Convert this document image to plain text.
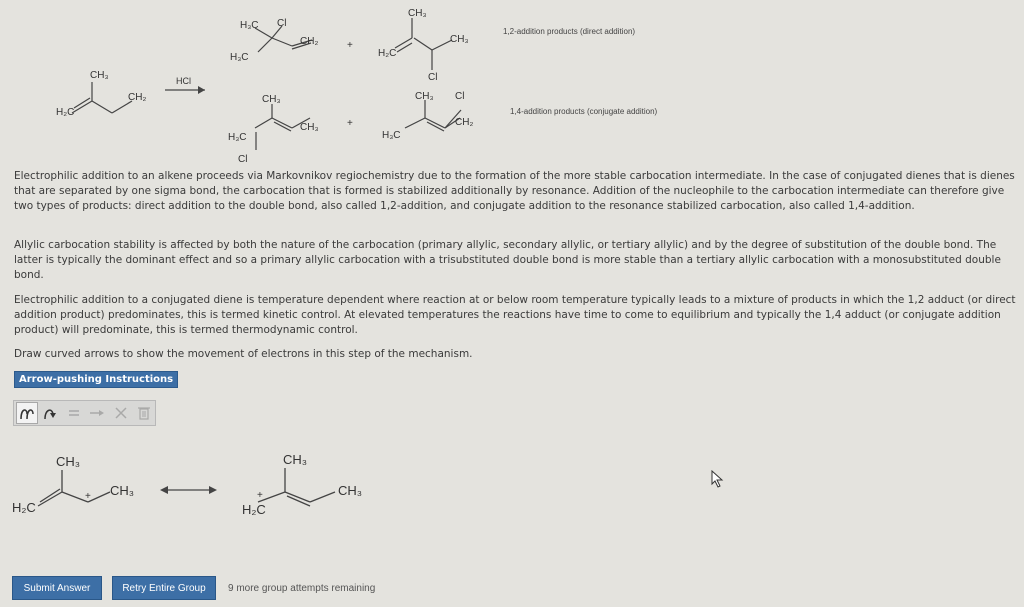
CH₃
CH₂
H₂C
HCl
H₃C Cl
H₃C
CH₂	+
CH₃
H₂C
CH₃
Cl
CH₃
CH₃
H₃C
Cl
+
CH₃ Cl
H₃C
CH₂
1,2-addition products (direct addition)
1,4-addition products (conjugate addition)
Electrophilic addition to an alkene proceeds via Markovnikov regiochemistry due to the formation of the more stable carbocation intermediate. In the case of conjugated dienes that is dienes that are separated by one sigma bond, the carbocation that is formed is stabilized additionally by resonance. Addition of the nucleophile to the carbocation intermediate can therefore give two types of products: direct addition to the double bond, also called 1,2-addition, and conjugate addition to the resonance stabilized carbocation, also called 1,4-addition.
Allylic carbocation stability is affected by both the nature of the carbocation (primary allylic, secondary allylic, or tertiary allylic) and by the degree of substitution of the double bond. The latter is typically the dominant effect and so a primary allylic carbocation with a trisubstituted double bond is more stable than a tertiary allylic carbocation with a monosubstituted double bond.
Electrophilic addition to a conjugated diene is temperature dependent where reaction at or below room temperature typically leads to a mixture of products in which the 1,2 adduct (or direct addition product) predominates, this is termed kinetic control. At elevated temperatures the reactions have time to come to equilibrium and typically the 1,4 adduct (or conjugate addition product) will predominate, this is termed thermodynamic control.
Draw curved arrows to show the movement of electrons in this step of the mechanism.
Arrow-pushing Instructions
CH₃
CH₃
H₂C
+
CH₃
CH₃
H₂C
+
Submit Answer	Retry Entire Group	9 more group attempts remaining
